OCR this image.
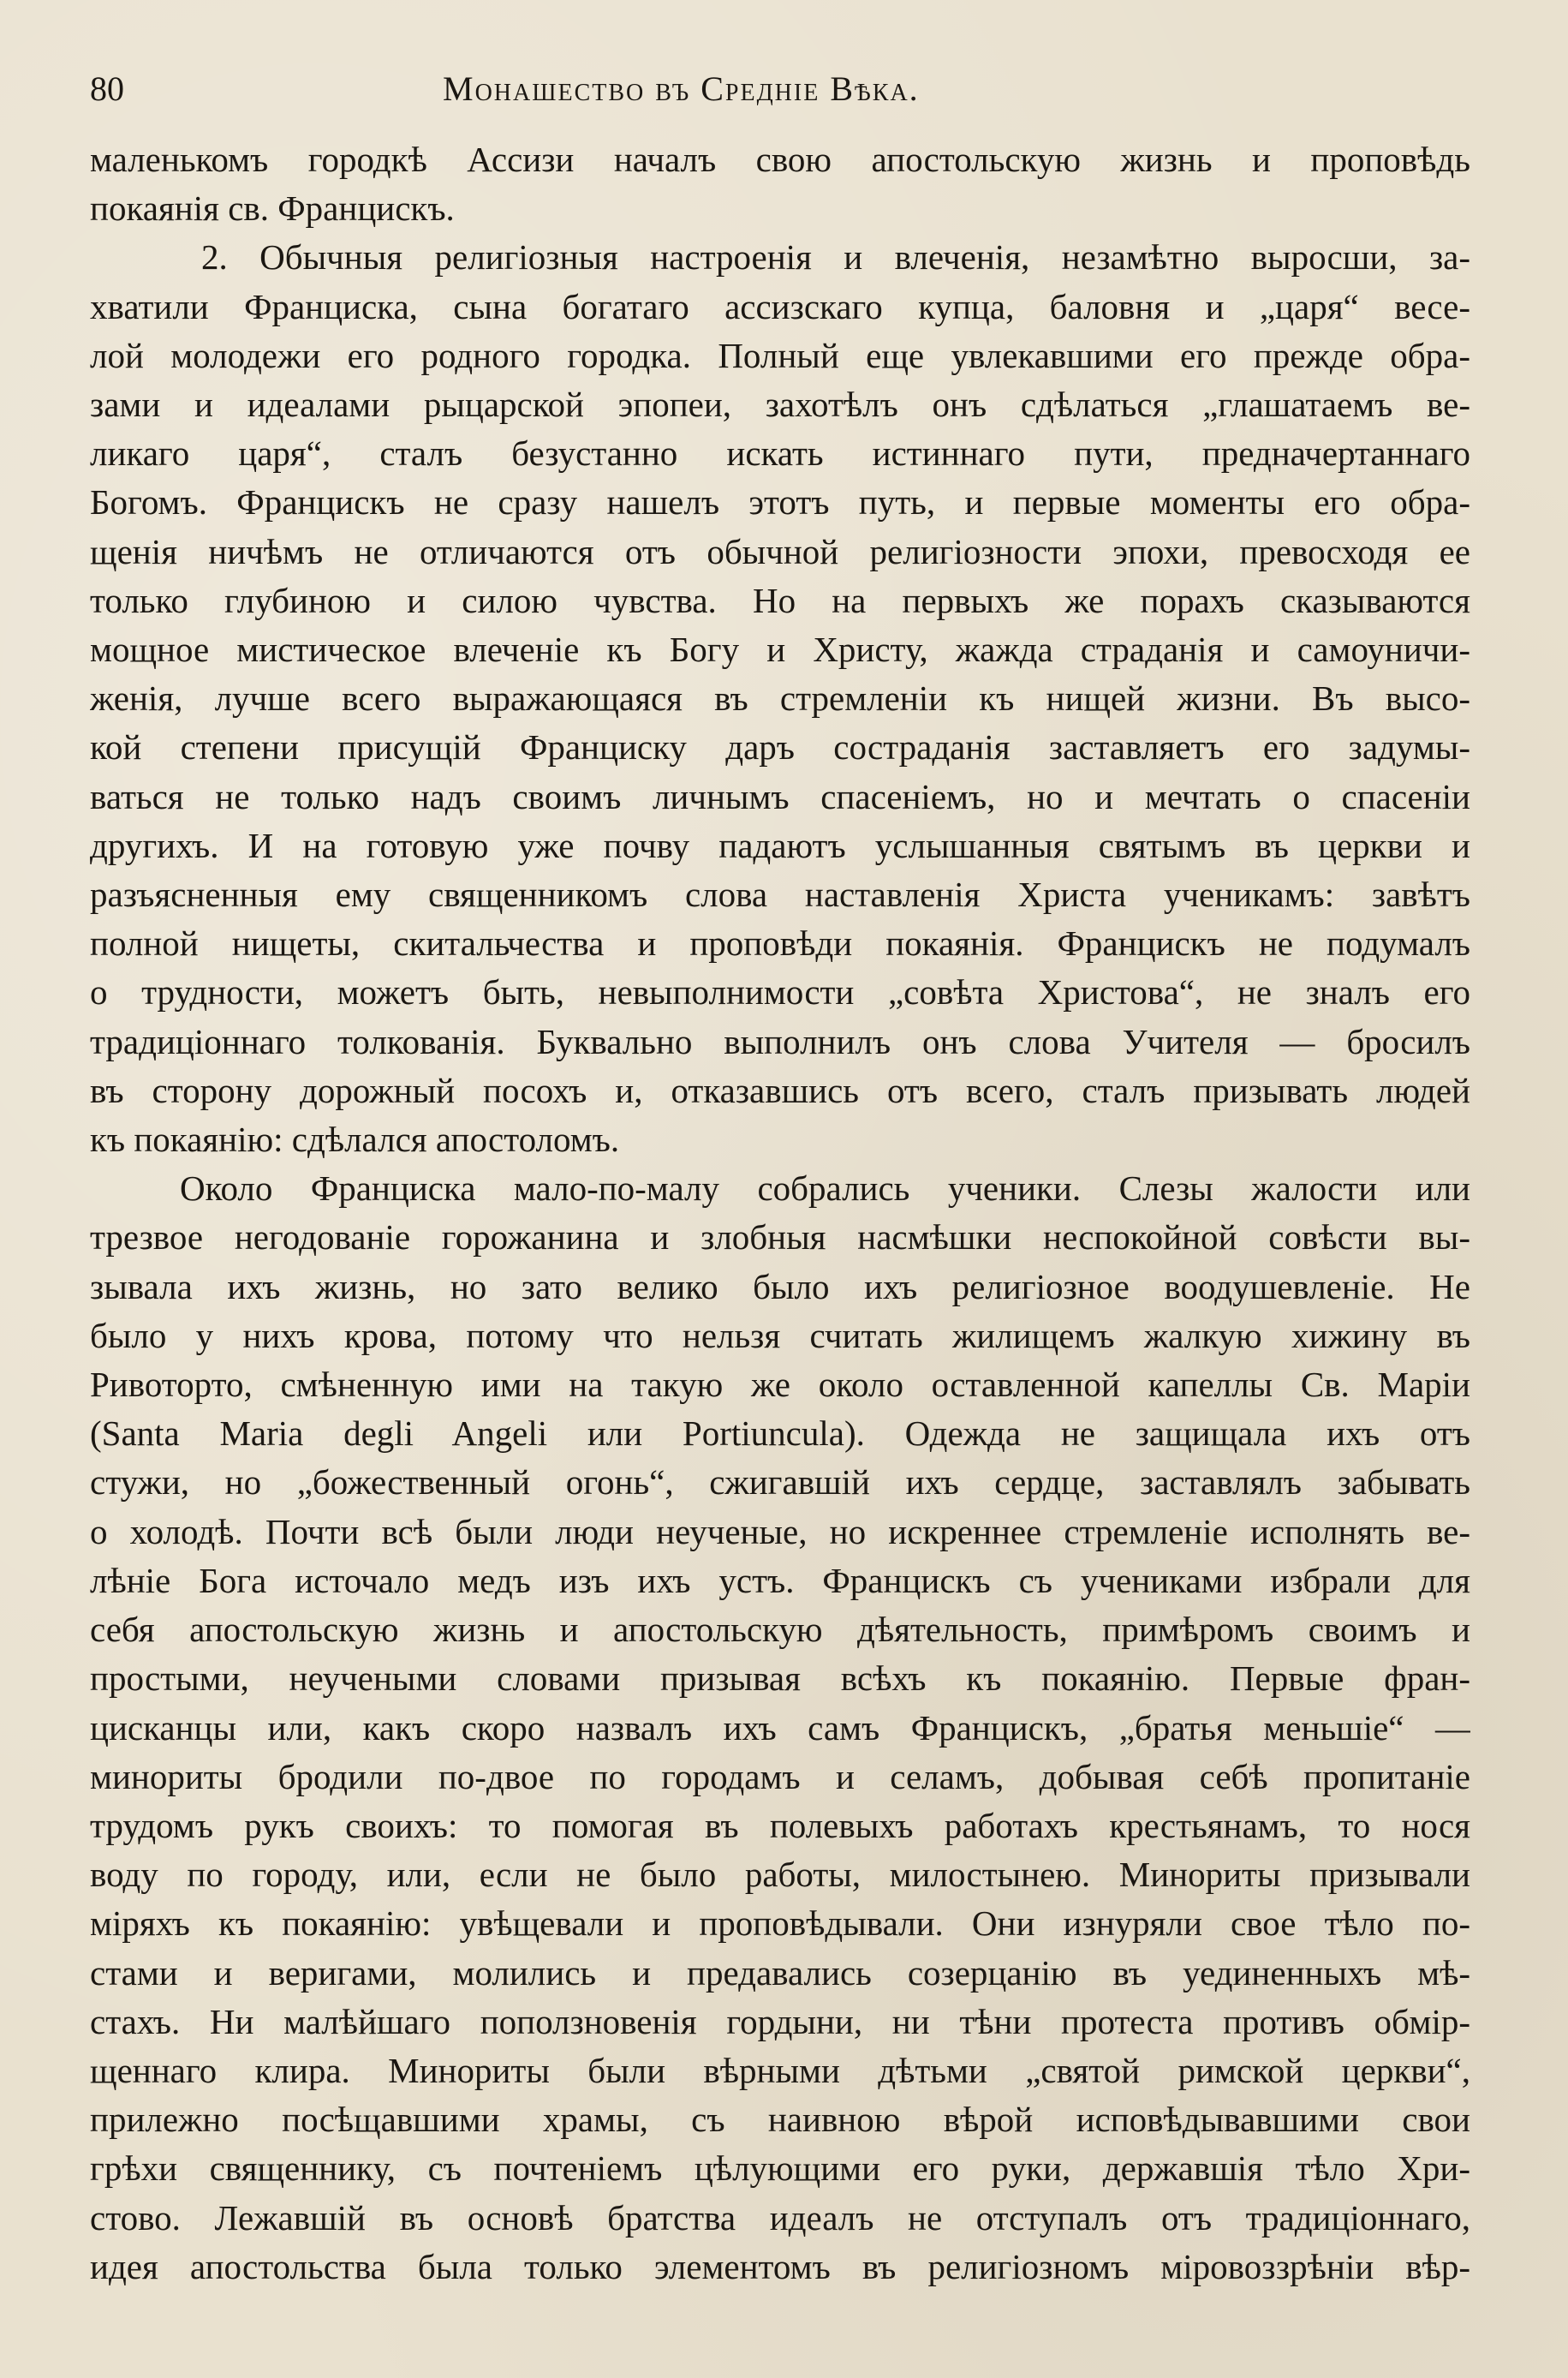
80	Монашество въ Средніе Вѣка.
маленькомъ городкѣ Ассизи началъ свою апостольскую жизнь и проповѣдь
покаянія св. Францискъ.
2. Обычныя религіозныя настроенія и влеченія, незамѣтно выросши, за-
хватили Франциска, сына богатаго ассизскаго купца, баловня и „царя“ весе-
лой молодежи его родного городка. Полный еще увлекавшими его прежде обра-
зами и идеалами рыцарской эпопеи, захотѣлъ онъ сдѣлаться „глашатаемъ ве-
ликаго царя“, сталъ безустанно искать истиннаго пути, предначертаннаго
Богомъ. Францискъ не сразу нашелъ этотъ путь, и первые моменты его обра-
щенія ничѣмъ не отличаются отъ обычной религіозности эпохи, превосходя ее
только глубиною и силою чувства. Но на первыхъ же порахъ сказываются
мощное мистическое влеченіе къ Богу и Христу, жажда страданія и самоуничи-
женія, лучше всего выражающаяся въ стремленіи къ нищей жизни. Въ высо-
кой степени присущій Франциску даръ состраданія заставляетъ его задумы-
ваться не только надъ своимъ личнымъ спасеніемъ, но и мечтать о спасеніи
другихъ. И на готовую уже почву падаютъ услышанныя святымъ въ церкви и
разъясненныя ему священникомъ слова наставленія Христа ученикамъ: завѣтъ
полной нищеты, скитальчества и проповѣди покаянія. Францискъ не подумалъ
о трудности, можетъ быть, невыполнимости „совѣта Христова“, не зналъ его
традиціоннаго толкованія. Буквально выполнилъ онъ слова Учителя — бросилъ
въ сторону дорожный посохъ и, отказавшись отъ всего, сталъ призывать людей
къ покаянію: сдѣлался апостоломъ.
Около Франциска мало-по-малу собрались ученики. Слезы жалости или
трезвое негодованіе горожанина и злобныя насмѣшки неспокойной совѣсти вы-
зывала ихъ жизнь, но зато велико было ихъ религіозное воодушевленіе. Не
было у нихъ крова, потому что нельзя считать жилищемъ жалкую хижину въ
Ривоторто, смѣненную ими на такую же около оставленной капеллы Св. Маріи
(Santa Maria degli Angeli или Portiuncula). Одежда не защищала ихъ отъ
стужи, но „божественный огонь“, сжигавшій ихъ сердце, заставлялъ забывать
о холодѣ. Почти всѣ были люди неученые, но искреннее стремленіе исполнять ве-
лѣніе Бога источало медъ изъ ихъ устъ. Францискъ съ учениками избрали для
себя апостольскую жизнь и апостольскую дѣятельность, примѣромъ своимъ и
простыми, неучеными словами призывая всѣхъ къ покаянію. Первые фран-
цисканцы или, какъ скоро назвалъ ихъ самъ Францискъ, „братья меньшіе“ —
минориты бродили по-двое по городамъ и селамъ, добывая себѣ пропитаніе
трудомъ рукъ своихъ: то помогая въ полевыхъ работахъ крестьянамъ, то нося
воду по городу, или, если не было работы, милостынею. Минориты призывали
міряхъ къ покаянію: увѣщевали и проповѣдывали. Они изнуряли свое тѣло по-
стами и веригами, молились и предавались созерцанію въ уединенныхъ мѣ-
стахъ. Ни малѣйшаго поползновенія гордыни, ни тѣни протеста противъ обмір-
щеннаго клира. Минориты были вѣрными дѣтьми „святой римской церкви“,
прилежно посѣщавшими храмы, съ наивною вѣрой исповѣдывавшими свои
грѣхи священнику, съ почтеніемъ цѣлующими его руки, державшія тѣло Хри-
стово. Лежавшій въ основѣ братства идеалъ не отступалъ отъ традиціоннаго,
идея апостольства была только элементомъ въ религіозномъ міровоззрѣніи вѣр-
